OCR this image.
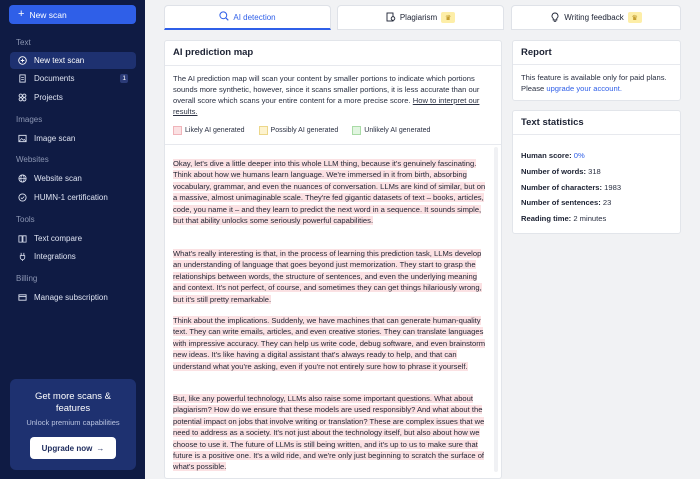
+ New scan
Text
New text scan
Documents	1
Projects
Images
Image scan
Websites
Website scan
HUMN-1 certification
Tools
Text compare
Integrations
Billing
Manage subscription
Get more scans & features
Unlock premium capabilities
Upgrade now →
AI detection	Plagiarism	♛	Writing feedback	♛
AI prediction map
The AI prediction map will scan your content by smaller portions to indicate which portions sounds more synthetic, however, since it scans smaller portions, it is less accurate than our overall score which scans your entire content for a more precise score. How to interpret our results.
Likely AI generated	Possibly AI generated	Unlikely AI generated
Okay, let's dive a little deeper into this whole LLM thing, because it's genuinely fascinating. Think about how we humans learn language. We're immersed in it from birth, absorbing vocabulary, grammar, and even the nuances of conversation. LLMs are kind of similar, but on a massive, almost unimaginable scale. They're fed gigantic datasets of text – books, articles, code, you name it – and they learn to predict the next word in a sequence. It sounds simple, but that ability unlocks some seriously powerful capabilities.
What's really interesting is that, in the process of learning this prediction task, LLMs develop an understanding of language that goes beyond just memorization. They start to grasp the relationships between words, the structure of sentences, and even the underlying meaning and context. It's not perfect, of course, and sometimes they can get things hilariously wrong, but it's still pretty remarkable.
Think about the implications. Suddenly, we have machines that can generate human-quality text. They can write emails, articles, and even creative stories. They can translate languages with impressive accuracy. They can help us write code, debug software, and even brainstorm new ideas. It's like having a digital assistant that's always ready to help, and that can understand what you're asking, even if you're not entirely sure how to phrase it yourself.
But, like any powerful technology, LLMs also raise some important questions. What about plagiarism? How do we ensure that these models are used responsibly? And what about the potential impact on jobs that involve writing or translation? These are complex issues that we need to address as a society. It's not just about the technology itself, but also about how we choose to use it. The future of LLMs is still being written, and it's up to us to make sure that future is a positive one. It's a wild ride, and we're only just beginning to scratch the surface of what's possible.
Report
This feature is available only for paid plans. Please upgrade your account.
Text statistics
Human score: 0%
Number of words: 318
Number of characters: 1983
Number of sentences: 23
Reading time: 2 minutes
